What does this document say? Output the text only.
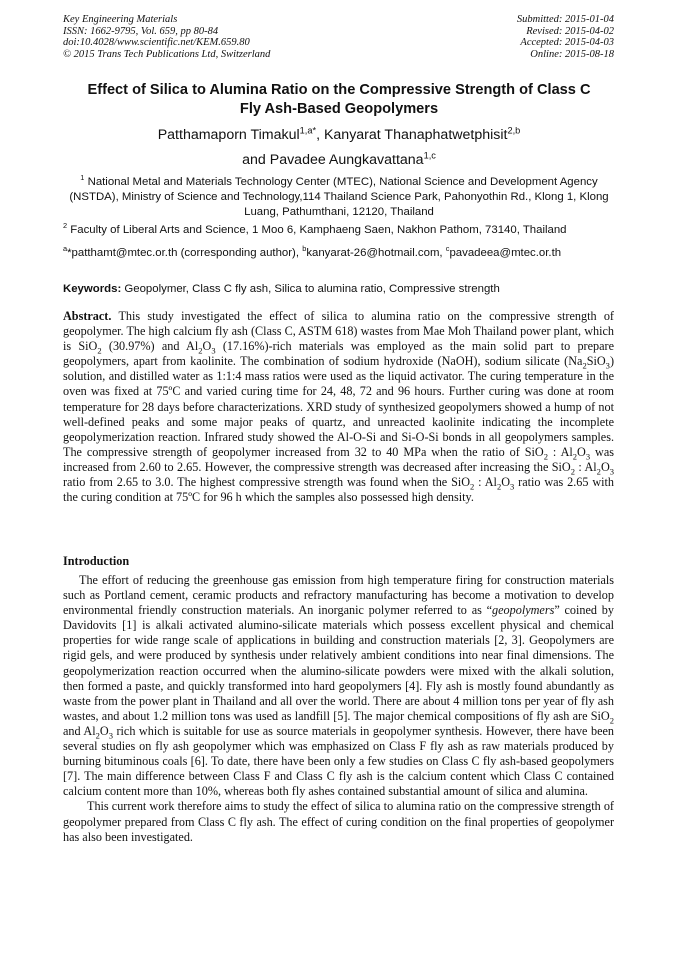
Key Engineering Materials
ISSN: 1662-9795, Vol. 659, pp 80-84
doi:10.4028/www.scientific.net/KEM.659.80
© 2015 Trans Tech Publications Ltd, Switzerland
Submitted: 2015-01-04
Revised: 2015-04-02
Accepted: 2015-04-03
Online: 2015-08-18
Effect of Silica to Alumina Ratio on the Compressive Strength of Class C
Fly Ash-Based Geopolymers
Patthamaporn Timakul$^{1,a*}$, Kanyarat Thanaphatwetphisit$^{2,b}$
and Pavadee Aungkavattana$^{1,c}$
$^1$ National Metal and Materials Technology Center (MTEC), National Science and Development Agency (NSTDA), Ministry of Science and Technology,114 Thailand Science Park, Pahonyothin Rd., Klong 1, Klong Luang, Pathumthani, 12120, Thailand
$^2$ Faculty of Liberal Arts and Science, 1 Moo 6, Kamphaeng Saen, Nakhon Pathom, 73140, Thailand
$^a$*patthamt@mtec.or.th (corresponding author), $^b$kanyarat-26@hotmail.com, $^c$pavadeea@mtec.or.th
Keywords: Geopolymer, Class C fly ash, Silica to alumina ratio, Compressive strength
Abstract. This study investigated the effect of silica to alumina ratio on the compressive strength of geopolymer. The high calcium fly ash (Class C, ASTM 618) wastes from Mae Moh Thailand power plant, which is SiO$_2$ (30.97%) and $Al_2O_3$ (17.16%)-rich materials was employed as the main solid part to prepare geopolymers, apart from kaolinite. The combination of sodium hydroxide (NaOH), sodium silicate $(Na_2SiO_3)$ solution, and distilled water as 1:1:4 mass ratios were used as the liquid activator. The curing temperature in the oven was fixed at 75ºC and varied curing time for 24, 48, 72 and 96 hours. Further curing was done at room temperature for 28 days before characterizations. XRD study of synthesized geopolymers showed a hump of not well-defined peaks and some major peaks of quartz, and unreacted kaolinite indicating the incomplete geopolymerization reaction. Infrared study showed the Al-O-Si and Si-O-Si bonds in all geopolymers samples. The compressive strength of geopolymer increased from 32 to 40 MPa when the ratio of SiO$_2$ : $Al_2O_3$ was increased from 2.60 to 2.65. However, the compressive strength was decreased after increasing the SiO$_2$ : $Al_2O_3$ ratio from 2.65 to 3.0. The highest compressive strength was found when the SiO$_2$ : $Al_2O_3$ ratio was 2.65 with the curing condition at 75ºC for 96 h which the samples also possessed high density.
Introduction

The effort of reducing the greenhouse gas emission from high temperature firing for construction materials such as Portland cement, ceramic products and refractory manufacturing has become a motivation to develop environmental friendly construction materials. An inorganic polymer referred to as “geopolymers” coined by Davidovits [1] is alkali activated alumino-silicate materials which possess excellent physical and chemical properties for wide range scale of applications in building and construction materials [2, 3]. Geopolymers are rigid gels, and were produced by synthesis under relatively ambient conditions into near final dimensions. The geopolymerization reaction occurred when the alumino-silicate powders were mixed with the alkali solution, then formed a paste, and quickly transformed into hard geopolymers [4]. Fly ash is mostly found abundantly as waste from the power plant in Thailand and all over the world. There are about 4 million tons per year of fly ash wastes, and about 1.2 million tons was used as landfill [5]. The major chemical compositions of fly ash are SiO$_2$ and $Al_2O_3$ rich which is suitable for use as source materials in geopolymer synthesis. However, there have been several studies on fly ash geopolymer which was emphasized on Class F fly ash as raw materials produced by burning bituminous coals [6]. To date, there have been only a few studies on Class C fly ash-based geopolymers [7]. The main difference between Class F and Class C fly ash is the calcium content which Class C contained calcium content more than 10%, whereas both fly ashes contained substantial amount of silica and alumina.

This current work therefore aims to study the effect of silica to alumina ratio on the compressive strength of geopolymer prepared from Class C fly ash. The effect of curing condition on the final properties of geopolymer has also been investigated.
